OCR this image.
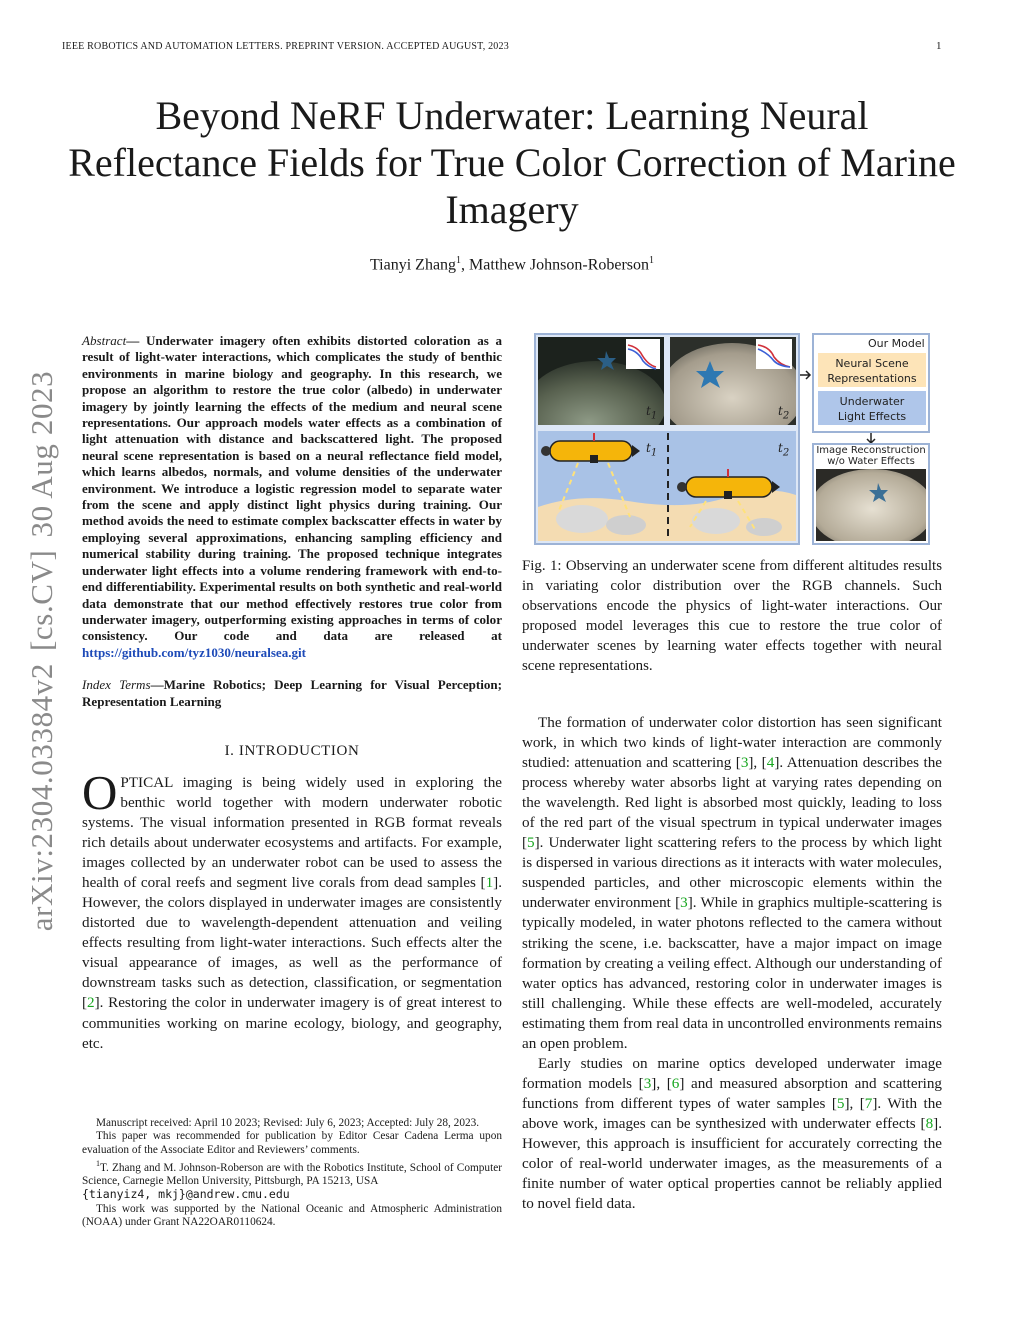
IEEE ROBOTICS AND AUTOMATION LETTERS. PREPRINT VERSION. ACCEPTED AUGUST, 2023	1
arXiv:2304.03384v2[cs.CV]30 Aug 2023
Beyond NeRF Underwater: Learning Neural Reflectance Fields for True Color Correction of Marine Imagery
Tianyi Zhang$^1$, Matthew Johnson-Roberson$^1$

Abstract— Underwater imagery often exhibits distorted coloration as a result of light-water interactions, which complicates the study of benthic environments in marine biology and geography. In this research, we propose an algorithm to restore the true color (albedo) in underwater imagery by jointly learning the effects of the medium and neural scene representations. Our approach models water effects as a combination of light attenuation with distance and backscattered light. The proposed neural scene representation is based on a neural reflectance field model, which learns albedos, normals, and volume densities of the underwater environment. We introduce a logistic regression model to separate water from the scene and apply distinct light physics during training. Our method avoids the need to estimate complex backscatter effects in water by employing several approximations, enhancing sampling efficiency and numerical stability during training. The proposed technique integrates underwater light effects into a volume rendering framework with end-to-end differentiability. Experimental results on both synthetic and real-world data demonstrate that our method effectively restores true color from underwater imagery, outperforming existing approaches in terms of color consistency. Our code and data are released at https://github.com/tyz1030/neuralsea.git

Index Terms—Marine Robotics; Deep Learning for Visual Perception; Representation Learning

I. INTRODUCTION

OPTICAL imaging is being widely used in exploring the benthic world together with modern underwater robotic systems. The visual information presented in RGB format reveals rich details about underwater ecosystems and artifacts. For example, images collected by an underwater robot can be used to assess the health of coral reefs and segment live corals from dead samples [1]. However, the colors displayed in underwater images are consistently distorted due to wavelength-dependent attenuation and veiling effects resulting from light-water interactions. Such effects alter the visual appearance of images, as well as the performance of downstream tasks such as detection, classification, or segmentation [2]. Restoring the color in underwater imagery is of great interest to communities working on marine ecology, biology, and geography, etc.

Manuscript received: April 10 2023; Revised: July 6, 2023; Accepted: July 28, 2023.

This paper was recommended for publication by Editor Cesar Cadena Lerma upon evaluation of the Associate Editor and Reviewers’ comments.

$^1$T. Zhang and M. Johnson-Roberson are with the Robotics Institute, School of Computer Science, Carnegie Mellon University, Pittsburgh, PA 15213, USA

{tianyiz4, mkj}@andrew.cmu.edu

This work was supported by the National Oceanic and Atmospheric Administration (NOAA) under Grant NA22OAR0110624.

$t_1$	$t_2$
$t_1$	$t_2$
Our Model
Neural Scene
Representations
Underwater
Light Effects
Image Reconstruction
w/o Water Effects
Fig. 1: Observing an underwater scene from different altitudes results in variating color distribution over the RGB channels. Such observations encode the physics of light-water interactions. Our proposed model leverages this cue to restore the true color of underwater scenes by learning water effects together with neural scene representations.

The formation of underwater color distortion has seen significant work, in which two kinds of light-water interaction are commonly studied: attenuation and scattering [3], [4]. Attenuation describes the process whereby water absorbs light at varying rates depending on the wavelength. Red light is absorbed most quickly, leading to loss of the red part of the visual spectrum in typical underwater images [5]. Underwater light scattering refers to the process by which light is dispersed in various directions as it interacts with water molecules, suspended particles, and other microscopic elements within the underwater environment [3]. While in graphics multiple-scattering is typically modeled, in water photons reflected to the camera without striking the scene, i.e. backscatter, have a major impact on image formation by creating a veiling effect. Although our understanding of water optics has advanced, restoring color in underwater images is still challenging. While these effects are well-modeled, accurately estimating them from real data in uncontrolled environments remains an open problem.

Early studies on marine optics developed underwater image formation models [3], [6] and measured absorption and scattering functions from different types of water samples [5], [7]. With the above work, images can be synthesized with underwater effects [8]. However, this approach is insufficient for accurately correcting the color of real-world underwater images, as the measurements of a finite number of water optical properties cannot be reliably applied to novel field data.
